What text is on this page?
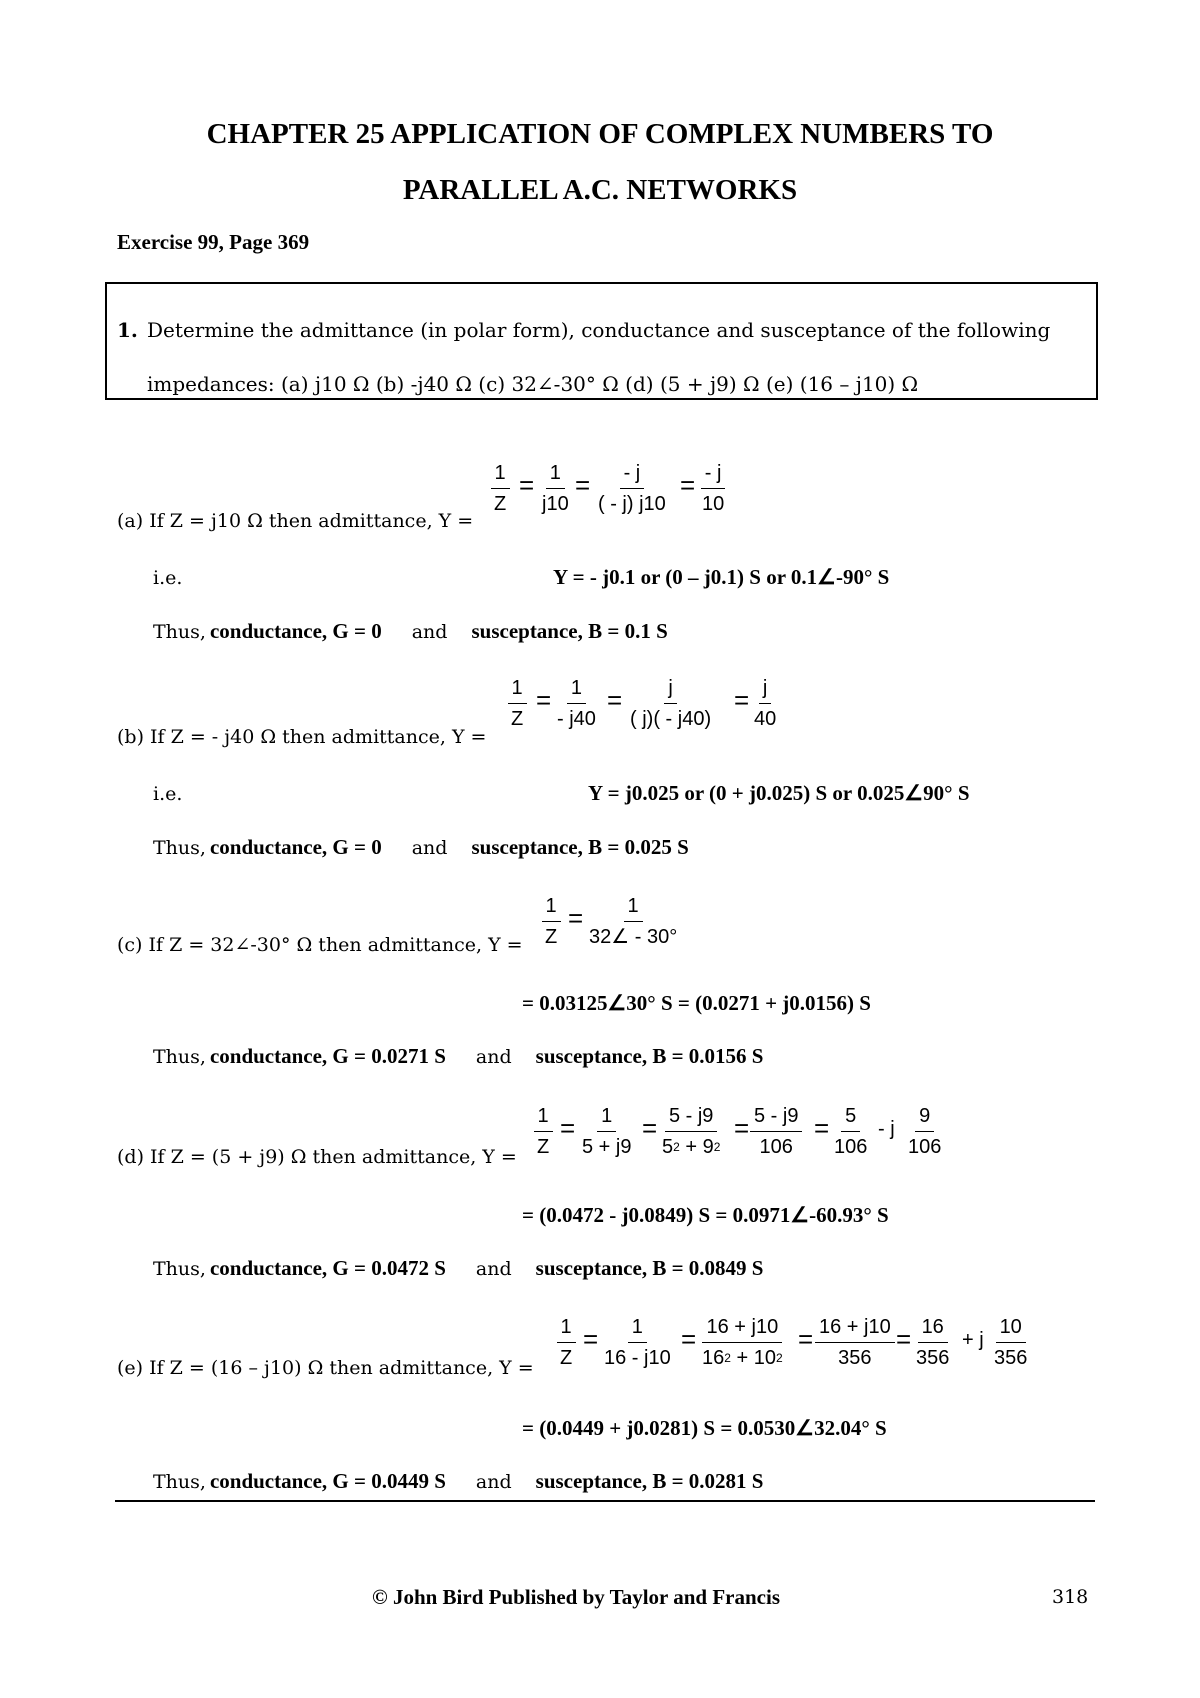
CHAPTER 25 APPLICATION OF COMPLEX NUMBERS TO
PARALLEL A.C. NETWORKS
Exercise 99, Page 369
1. Determine the admittance (in polar form), conductance and susceptance of the following
impedances: (a) j10 Ω (b) -j40 Ω (c) 32∠-30° Ω (d) (5 + j9) Ω (e) (16 – j10) Ω
(a) If Z = j10 Ω then admittance, Y =
$\frac{1}{Z} = \frac{1}{j10} = \frac{- j}{( - j) j10} = \frac{- j}{10}$
i.e.	Y = - j0.1 or (0 – j0.1) S or 0.1∠-90° S
Thus, conductance, G = 0 and susceptance, B = 0.1 S
(b) If Z = - j40 Ω then admittance, Y =
$\frac{1}{Z} = \frac{1}{- j40} = \frac{j}{( j)( - j40)} = \frac{j}{40}$
i.e.	Y = j0.025 or (0 + j0.025) S or 0.025∠90° S
Thus, conductance, G = 0 and susceptance, B = 0.025 S
(c) If Z = 32∠-30° Ω then admittance, $Y = \frac{1}{Z} = \frac{1}{32\angle - 30^\circ}$
= 0.03125∠30° S = (0.0271 + j0.0156) S
Thus, conductance, G = 0.0271 S and susceptance, B = 0.0156 S
(d) If Z = (5 + j9) Ω then admittance, $Y = \frac{1}{Z} = \frac{1}{5 + j9} = \frac{5 - j9}{5^2 + 9^2} = \frac{5 - j9}{106} = \frac{5}{106} - j \frac{9}{106}$
= (0.0472 - j0.0849) S = 0.0971∠-60.93° S
Thus, conductance, G = 0.0472 S and susceptance, B = 0.0849 S
(e) If Z = (16 – j10) Ω then admittance, $Y = \frac{1}{Z} = \frac{1}{16 - j10} = \frac{16 + j10}{16^2 + 10^2} = \frac{16 + j10}{356} = \frac{16}{356} + j \frac{10}{356}$
= (0.0449 + j0.0281) S = 0.0530∠32.04° S
Thus, conductance, G = 0.0449 S and susceptance, B = 0.0281 S
© John Bird Published by Taylor and Francis	318
